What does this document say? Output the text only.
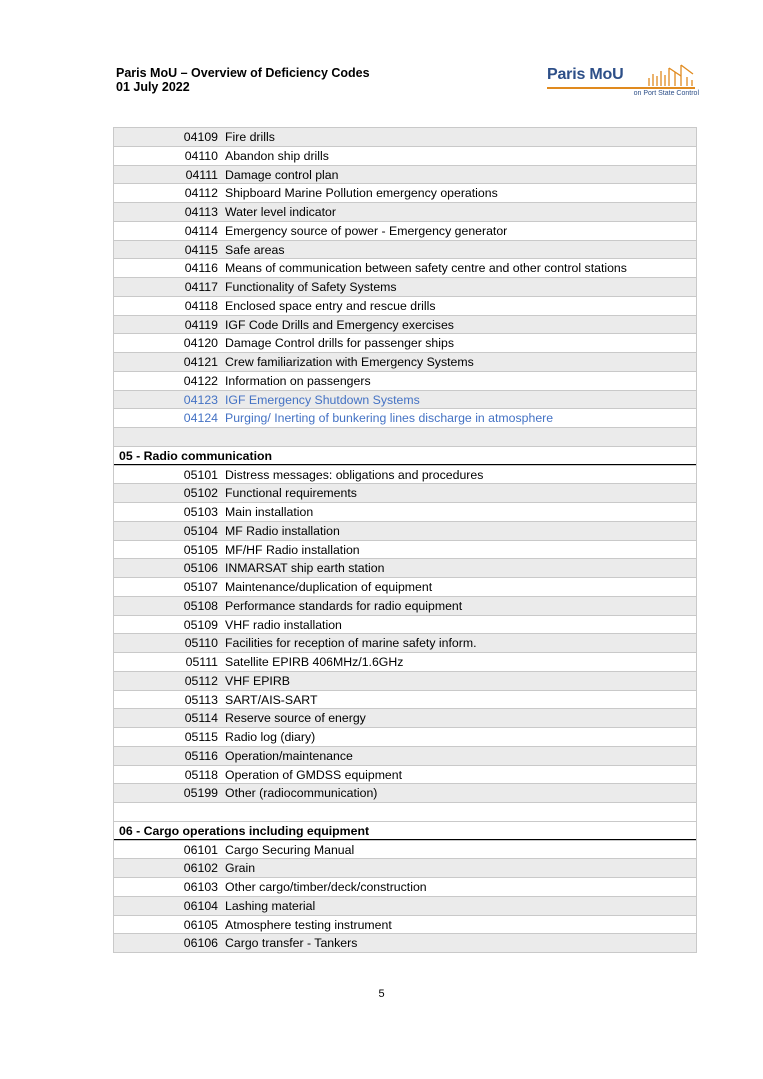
Paris MoU – Overview of Deficiency Codes
01 July 2022
Paris MoU
on Port State Control
04109 Fire drills
04110 Abandon ship drills
04111 Damage control plan
04112 Shipboard Marine Pollution emergency operations
04113 Water level indicator
04114 Emergency source of power - Emergency generator
04115 Safe areas
04116 Means of communication between safety centre and other control stations
04117 Functionality of Safety Systems
04118 Enclosed space entry and rescue drills
04119 IGF Code Drills and Emergency exercises
04120 Damage Control drills for passenger ships
04121 Crew familiarization with Emergency Systems
04122 Information on passengers
04123 IGF Emergency Shutdown Systems
04124 Purging/ Inerting of bunkering lines discharge in atmosphere
05 - Radio communication
05101 Distress messages: obligations and procedures
05102 Functional requirements
05103 Main installation
05104 MF Radio installation
05105 MF/HF Radio installation
05106 INMARSAT ship earth station
05107 Maintenance/duplication of equipment
05108 Performance standards for radio equipment
05109 VHF radio installation
05110 Facilities for reception of marine safety inform.
05111 Satellite EPIRB 406MHz/1.6GHz
05112 VHF EPIRB
05113 SART/AIS-SART
05114 Reserve source of energy
05115 Radio log (diary)
05116 Operation/maintenance
05118 Operation of GMDSS equipment
05199 Other (radiocommunication)
06 - Cargo operations including equipment
06101 Cargo Securing Manual
06102 Grain
06103 Other cargo/timber/deck/construction
06104 Lashing material
06105 Atmosphere testing instrument
06106 Cargo transfer - Tankers
5
